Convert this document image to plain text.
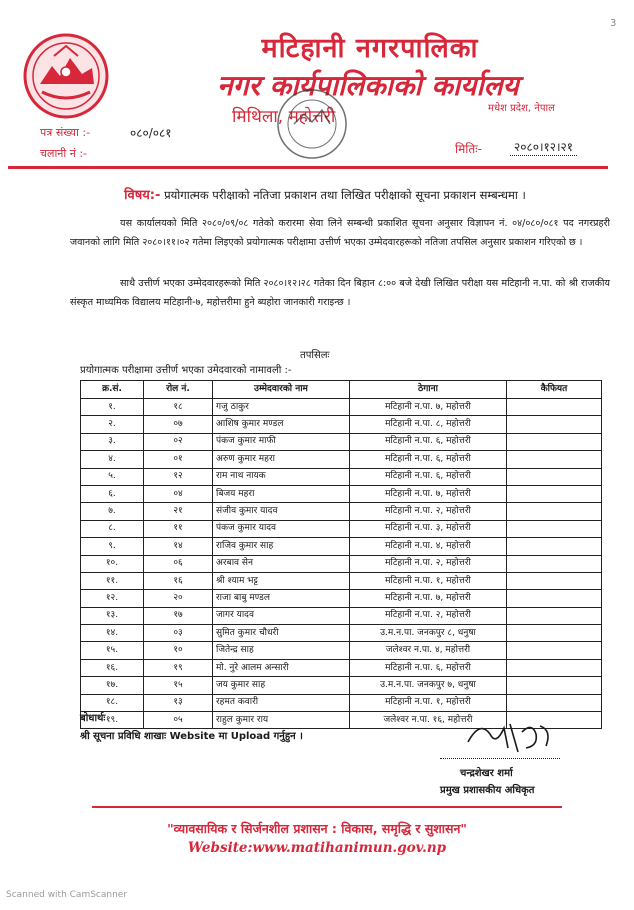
3
मटिहानी नगरपालिका
नगर कार्यपालिकाको कार्यालय
मिथिला, महोत्तरी	मधेश प्रदेश, नेपाल
पत्र संख्या :-	०८०/०८१
चलानी नं :-	मितिः-	२०८०।१२।२१
विषय:- प्रयोगात्मक परीक्षाको नतिजा प्रकाशन तथा लिखित परीक्षाको सूचना प्रकाशन सम्बन्धमा ।
यस कार्यालयको मिति २०८०/०९/०८ गतेको करारमा सेवा लिने सम्बन्धी प्रकाशित सूचना अनुसार विज्ञापन नं. ०४/०८०/०८१ पद नगरप्रहरी जवानको लागि मिति २०८०।११।०२ गतेमा लिइएको प्रयोगात्मक परीक्षामा उत्तीर्ण भएका उम्मेदवारहरूको नतिजा तपसिल अनुसार प्रकाशन गरिएको छ ।
साथै उत्तीर्ण भएका उम्मेदवारहरूको मिति २०८०।१२।२८ गतेका दिन बिहान ८:०० बजे देखी लिखित परीक्षा यस मटिहानी न.पा. को श्री राजकीय संस्कृत माध्यमिक विद्यालय मटिहानी-७, महोत्तरीमा हुने ब्यहोरा जानकारी गराइन्छ ।
तपसिलः
प्रयोगात्मक परीक्षामा उत्तीर्ण भएका उमेदवारको नामावली :-
क्र.सं.	रोल नं.	उम्मेदवारको नाम	ठेगाना	कैफियत
१.	१८	गजु ठाकुर	मटिहानी न.पा. ७, महोत्तरी	
२.	०७	आशिष कुमार मण्डल	मटिहानी न.पा. ८, महोत्तरी	
३.	०२	पंकज कुमार माफी	मटिहानी न.पा. ६, महोत्तरी	
४.	०१	अरुण कुमार महरा	मटिहानी न.पा. ६, महोत्तरी	
५.	१२	राम नाथ नायक	मटिहानी न.पा. ६, महोत्तरी	
६.	०४	बिजय महरा	मटिहानी न.पा. ७, महोत्तरी	
७.	२१	संजीव कुमार यादव	मटिहानी न.पा. २, महोत्तरी	
८.	११	पंकज कुमार यादव	मटिहानी न.पा. ३, महोत्तरी	
९.	१४	राजिव कुमार साह	मटिहानी न.पा. ४, महोत्तरी	
१०.	०६	अरबाव सेन	मटिहानी न.पा. २, महोत्तरी	
११.	१६	श्री श्याम भट्ट	मटिहानी न.पा. १, महोत्तरी	
१२.	२०	राजा बाबु मण्डल	मटिहानी न.पा. ७, महोत्तरी	
१३.	१७	जागर यादव	मटिहानी न.पा. २, महोत्तरी	
१४.	०३	सुमित कुमार चौधरी	उ.म.न.पा. जनकपुर ८, धनुषा	
१५.	१०	जितेन्द्र साह	जलेश्वर न.पा. ४, महोत्तरी	
१६.	१९	मो. नुरे आलम अन्सारी	मटिहानी न.पा. ६, महोत्तरी	
१७.	१५	जय कुमार साह	उ.म.न.पा. जनकपुर ७, धनुषा	
१८.	१३	रहमत कवारी	मटिहानी न.पा. १, महोत्तरी	
१९.	०५	राहुल कुमार राय	जलेश्वर न.पा. १६, महोत्तरी	
बोधार्थः
श्री सूचना प्रविधि शाखाः Website मा Upload गर्नुहुन ।
चन्द्रशेखर शर्मा
प्रमुख प्रशासकीय अधिकृत
"व्यावसायिक र सिर्जनशील प्रशासन : विकास, समृद्धि र सुशासन"
Website:www.matihanimun.gov.np
Scanned with CamScanner
